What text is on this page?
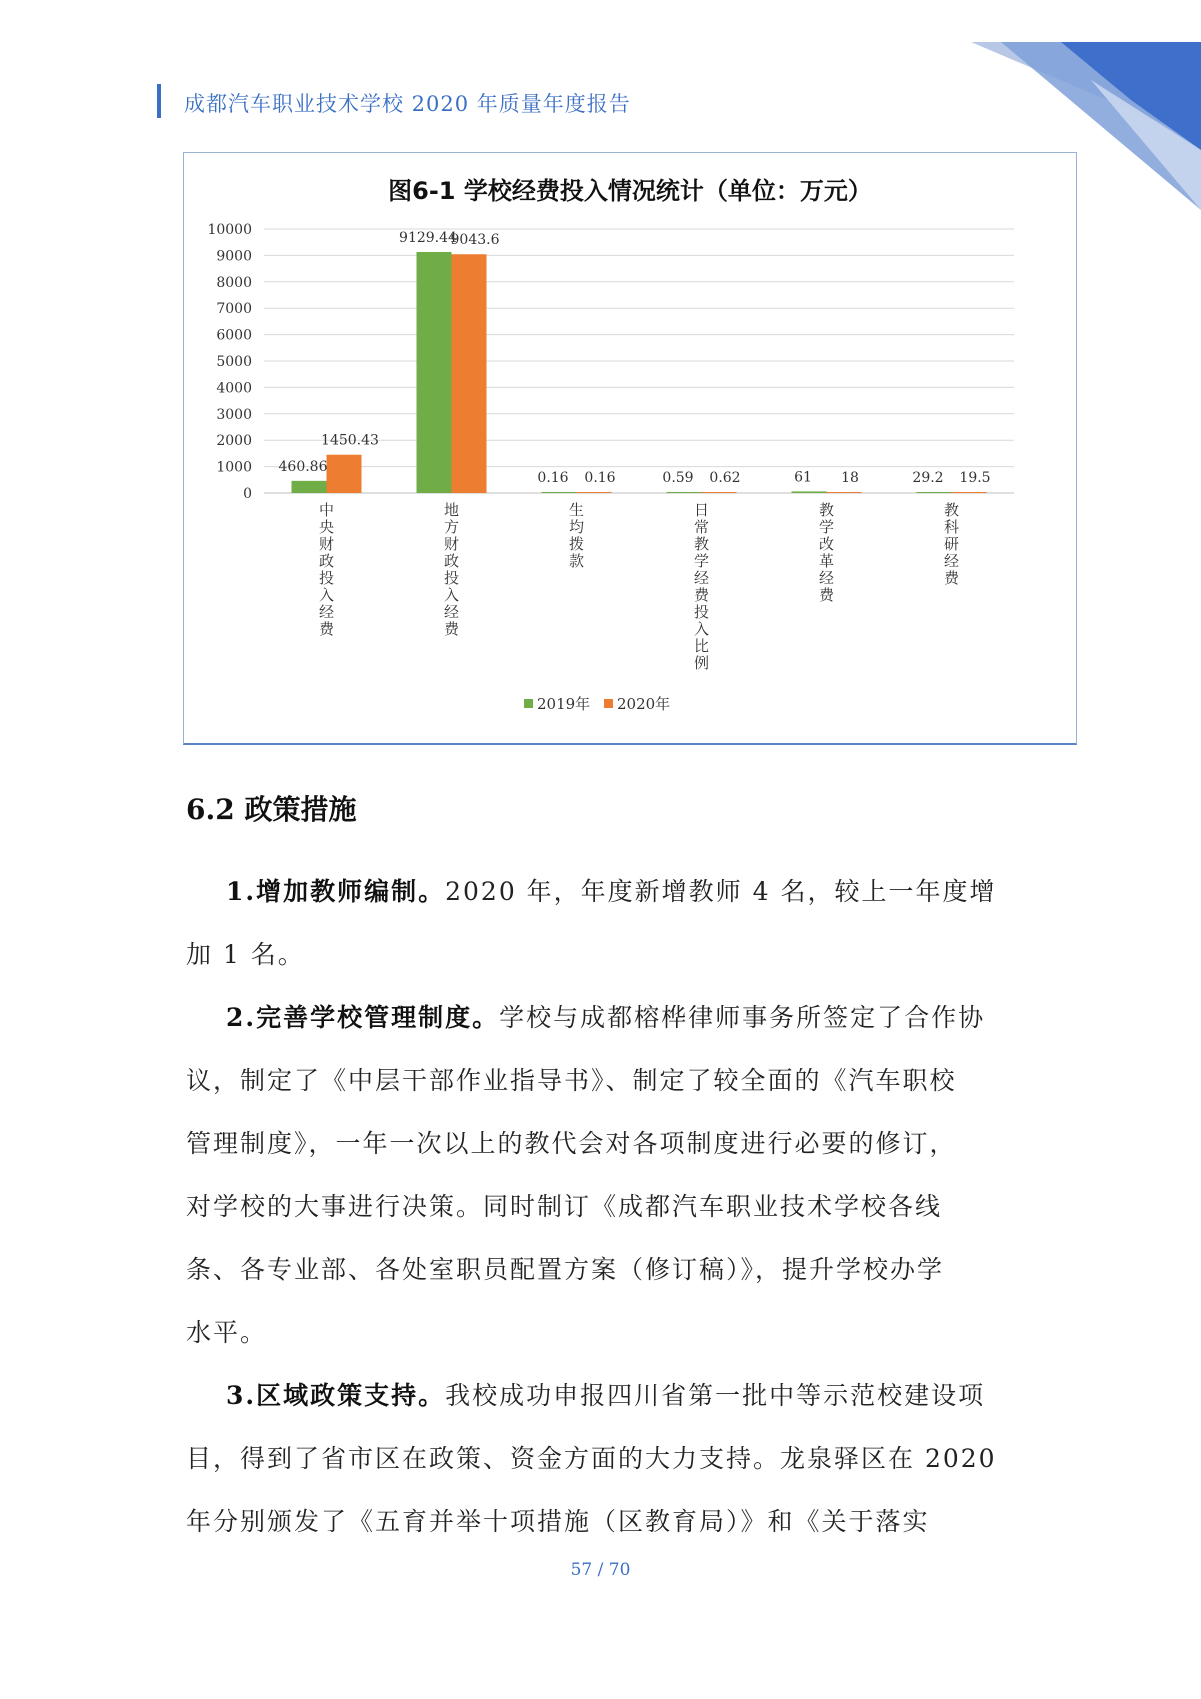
成都汽车职业技术学校 2020 年质量年度报告
0
1000
2000
3000
4000
5000
6000
7000
8000
9000
10000
460.86
1450.43
9129.44
9043.6
0.16 0.16	0.59 0.62	61 18	29.2 19.5
中
央
财
政
投
入
经
费
地
方
财
政
投
入
经
费
生
均
拨
款
日
常
教
学
经
费
投
入
比
例
教
学
改
革
经
费
教
科
研
经
费
2019年 2020年
图6-1 学校经费投入情况统计（单位：万元）
6.2 政策措施
1.增加教师编制。2020 年，年度新增教师 4 名，较上一年度增
加 1 名。
2.完善学校管理制度。学校与成都榕桦律师事务所签定了合作协
议，制定了《中层干部作业指导书》、制定了较全面的《汽车职校
管理制度》，一年一次以上的教代会对各项制度进行必要的修订，
对学校的大事进行决策。同时制订《成都汽车职业技术学校各线
条、各专业部、各处室职员配置方案（修订稿）》，提升学校办学
水平。
3.区域政策支持。我校成功申报四川省第一批中等示范校建设项
目，得到了省市区在政策、资金方面的大力支持。龙泉驿区在 2020
年分别颁发了《五育并举十项措施（区教育局）》和《关于落实
57 / 70
